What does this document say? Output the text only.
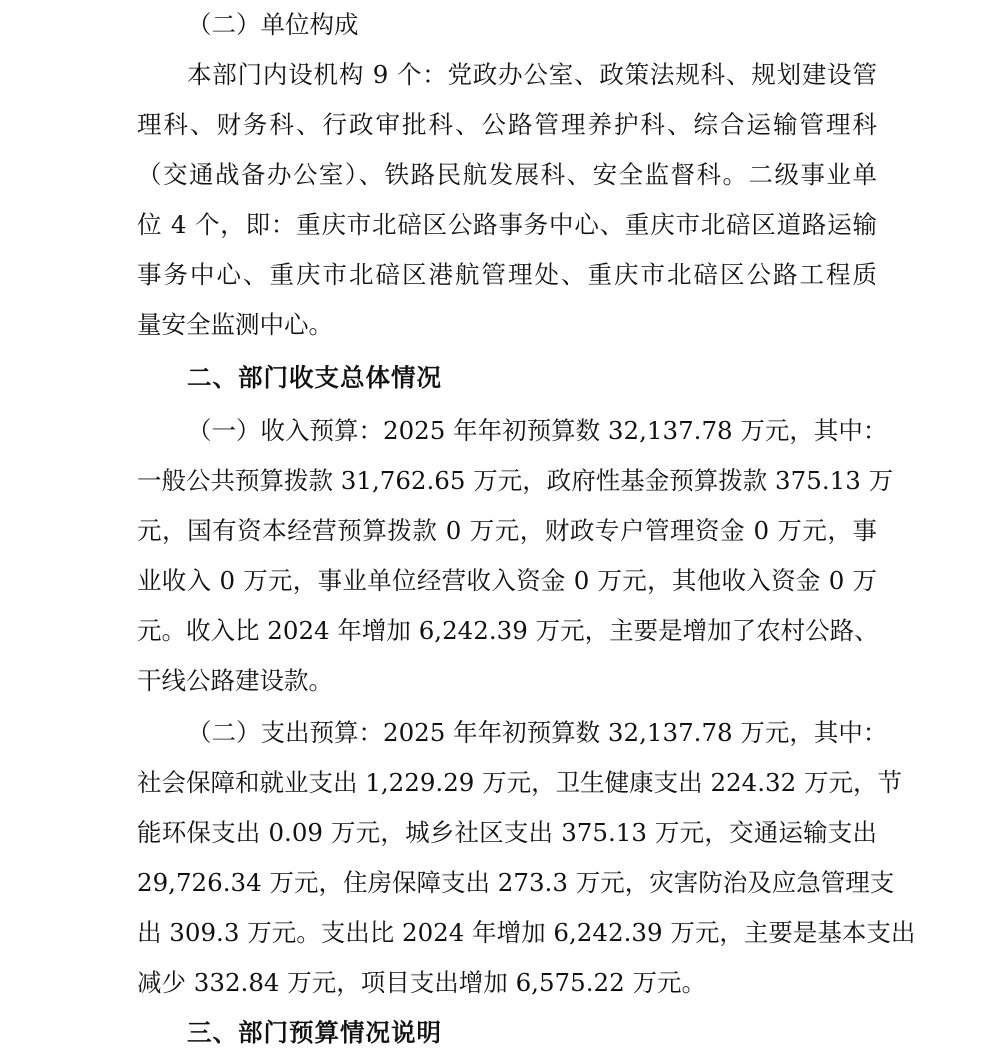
（二）单位构成
本部门内设机构 9 个：党政办公室、政策法规科、规划建设管
理科、财务科、行政审批科、公路管理养护科、综合运输管理科
（交通战备办公室）、铁路民航发展科、安全监督科。二级事业单
位 4 个，即：重庆市北碚区公路事务中心、重庆市北碚区道路运输
事务中心、重庆市北碚区港航管理处、重庆市北碚区公路工程质
量安全监测中心。
二、部门收支总体情况
（一）收入预算：2025 年年初预算数 32,137.78 万元，其中：
一般公共预算拨款 31,762.65 万元，政府性基金预算拨款 375.13 万
元，国有资本经营预算拨款 0 万元，财政专户管理资金 0 万元，事
业收入 0 万元，事业单位经营收入资金 0 万元，其他收入资金 0 万
元。收入比 2024 年增加 6,242.39 万元，主要是增加了农村公路、
干线公路建设款。
（二）支出预算：2025 年年初预算数 32,137.78 万元，其中：
社会保障和就业支出 1,229.29 万元，卫生健康支出 224.32 万元，节
能环保支出 0.09 万元，城乡社区支出 375.13 万元，交通运输支出
29,726.34 万元，住房保障支出 273.3 万元，灾害防治及应急管理支
出 309.3 万元。支出比 2024 年增加 6,242.39 万元，主要是基本支出
减少 332.84 万元，项目支出增加 6,575.22 万元。
三、部门预算情况说明
